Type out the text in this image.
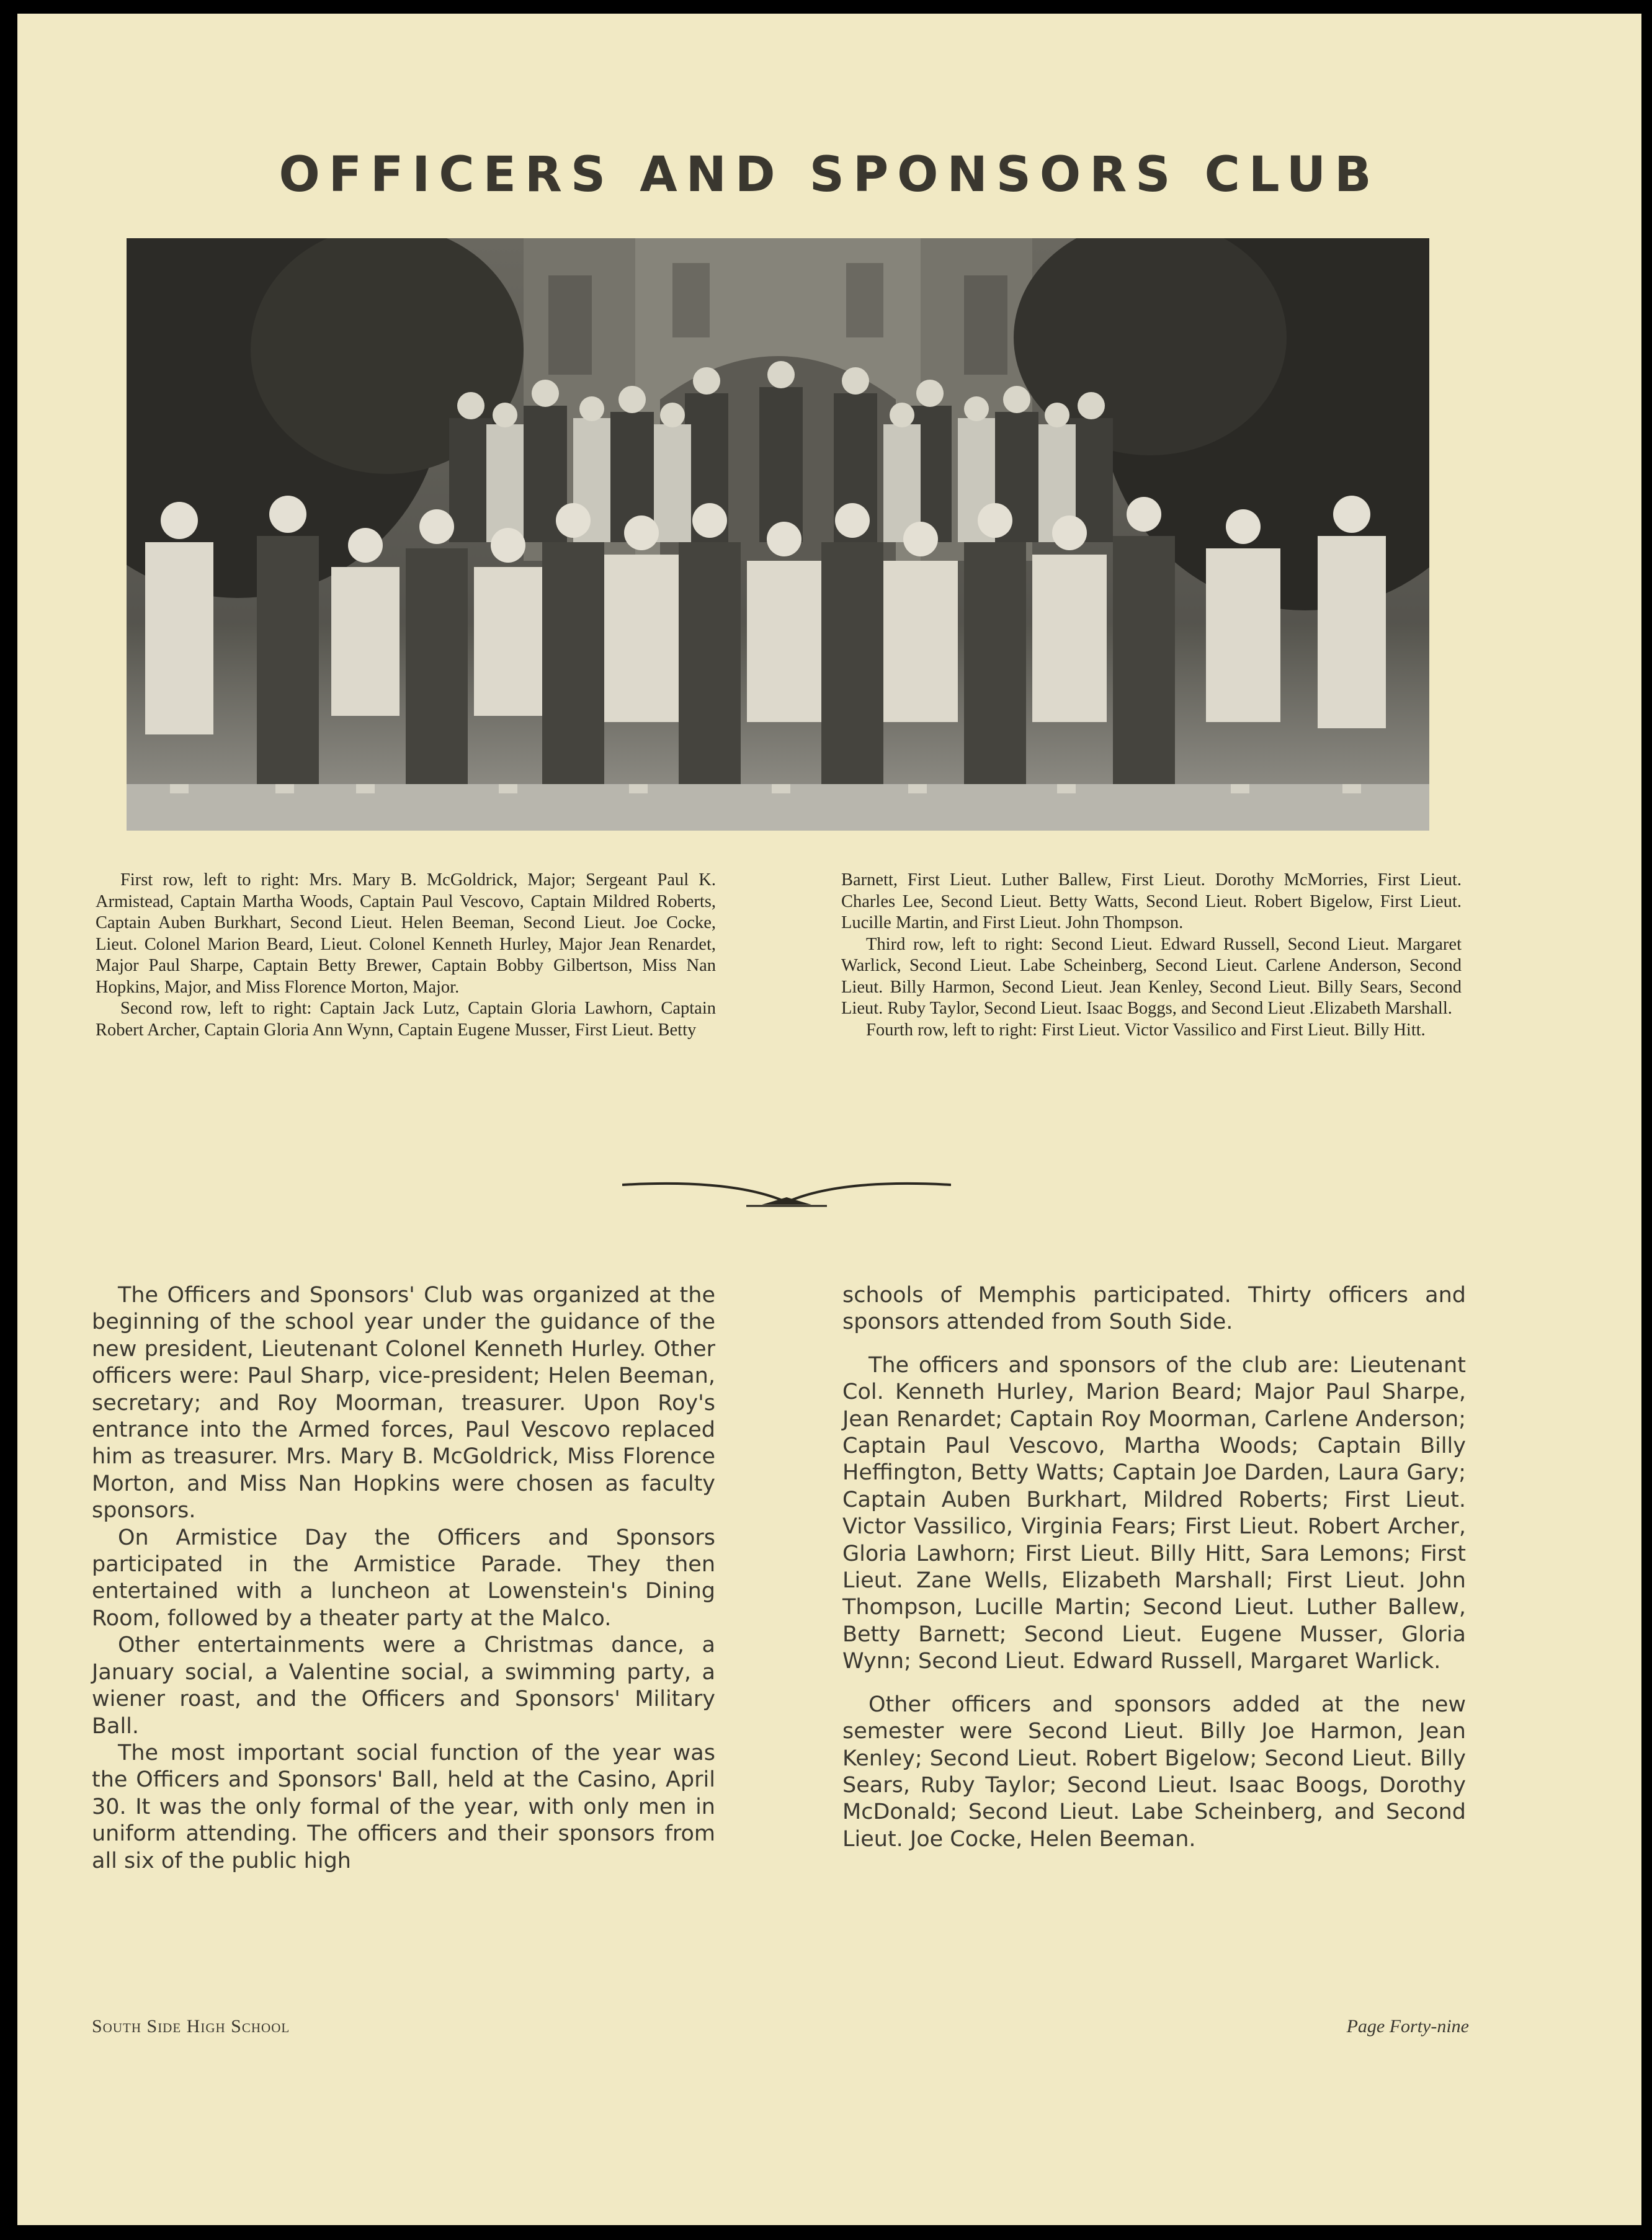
OFFICERS AND SPONSORS CLUB

First row, left to right: Mrs. Mary B. McGoldrick, Major; Sergeant Paul K. Armistead, Captain Martha Woods, Captain Paul Vescovo, Captain Mildred Roberts, Captain Auben Burkhart, Second Lieut. Helen Beeman, Second Lieut. Joe Cocke, Lieut. Colonel Marion Beard, Lieut. Colonel Kenneth Hurley, Major Jean Renardet, Major Paul Sharpe, Captain Betty Brewer, Captain Bobby Gilbertson, Miss Nan Hopkins, Major, and Miss Florence Morton, Major.

Second row, left to right: Captain Jack Lutz, Captain Gloria Lawhorn, Captain Robert Archer, Captain Gloria Ann Wynn, Captain Eugene Musser, First Lieut. Betty

Barnett, First Lieut. Luther Ballew, First Lieut. Dorothy McMorries, First Lieut. Charles Lee, Second Lieut. Betty Watts, Second Lieut. Robert Bigelow, First Lieut. Lucille Martin, and First Lieut. John Thompson.

Third row, left to right: Second Lieut. Edward Russell, Second Lieut. Margaret Warlick, Second Lieut. Labe Scheinberg, Second Lieut. Carlene Anderson, Second Lieut. Billy Harmon, Second Lieut. Jean Kenley, Second Lieut. Billy Sears, Second Lieut. Ruby Taylor, Second Lieut. Isaac Boggs, and Second Lieut .Elizabeth Marshall.

Fourth row, left to right: First Lieut. Victor Vassilico and First Lieut. Billy Hitt.

The Officers and Sponsors' Club was organized at the beginning of the school year under the guidance of the new president, Lieutenant Colonel Kenneth Hurley. Other officers were: Paul Sharp, vice-president; Helen Beeman, secretary; and Roy Moorman, treasurer. Upon Roy's entrance into the Armed forces, Paul Vescovo replaced him as treasurer. Mrs. Mary B. McGoldrick, Miss Florence Morton, and Miss Nan Hopkins were chosen as faculty sponsors.

On Armistice Day the Officers and Sponsors participated in the Armistice Parade. They then entertained with a luncheon at Lowenstein's Dining Room, followed by a theater party at the Malco.

Other entertainments were a Christmas dance, a January social, a Valentine social, a swimming party, a wiener roast, and the Officers and Sponsors' Military Ball.

The most important social function of the year was the Officers and Sponsors' Ball, held at the Casino, April 30. It was the only formal of the year, with only men in uniform attending. The officers and their sponsors from all six of the public high

schools of Memphis participated. Thirty officers and sponsors attended from South Side.

The officers and sponsors of the club are: Lieutenant Col. Kenneth Hurley, Marion Beard; Major Paul Sharpe, Jean Renardet; Captain Roy Moorman, Carlene Anderson; Captain Paul Vescovo, Martha Woods; Captain Billy Heffington, Betty Watts; Captain Joe Darden, Laura Gary; Captain Auben Burkhart, Mildred Roberts; First Lieut. Victor Vassilico, Virginia Fears; First Lieut. Robert Archer, Gloria Lawhorn; First Lieut. Billy Hitt, Sara Lemons; First Lieut. Zane Wells, Elizabeth Marshall; First Lieut. John Thompson, Lucille Martin; Second Lieut. Luther Ballew, Betty Barnett; Second Lieut. Eugene Musser, Gloria Wynn; Second Lieut. Edward Russell, Margaret Warlick.

Other officers and sponsors added at the new semester were Second Lieut. Billy Joe Harmon, Jean Kenley; Second Lieut. Robert Bigelow; Second Lieut. Billy Sears, Ruby Taylor; Second Lieut. Isaac Boogs, Dorothy McDonald; Second Lieut. Labe Scheinberg, and Second Lieut. Joe Cocke, Helen Beeman.

South Side High School	Page Forty-nine
